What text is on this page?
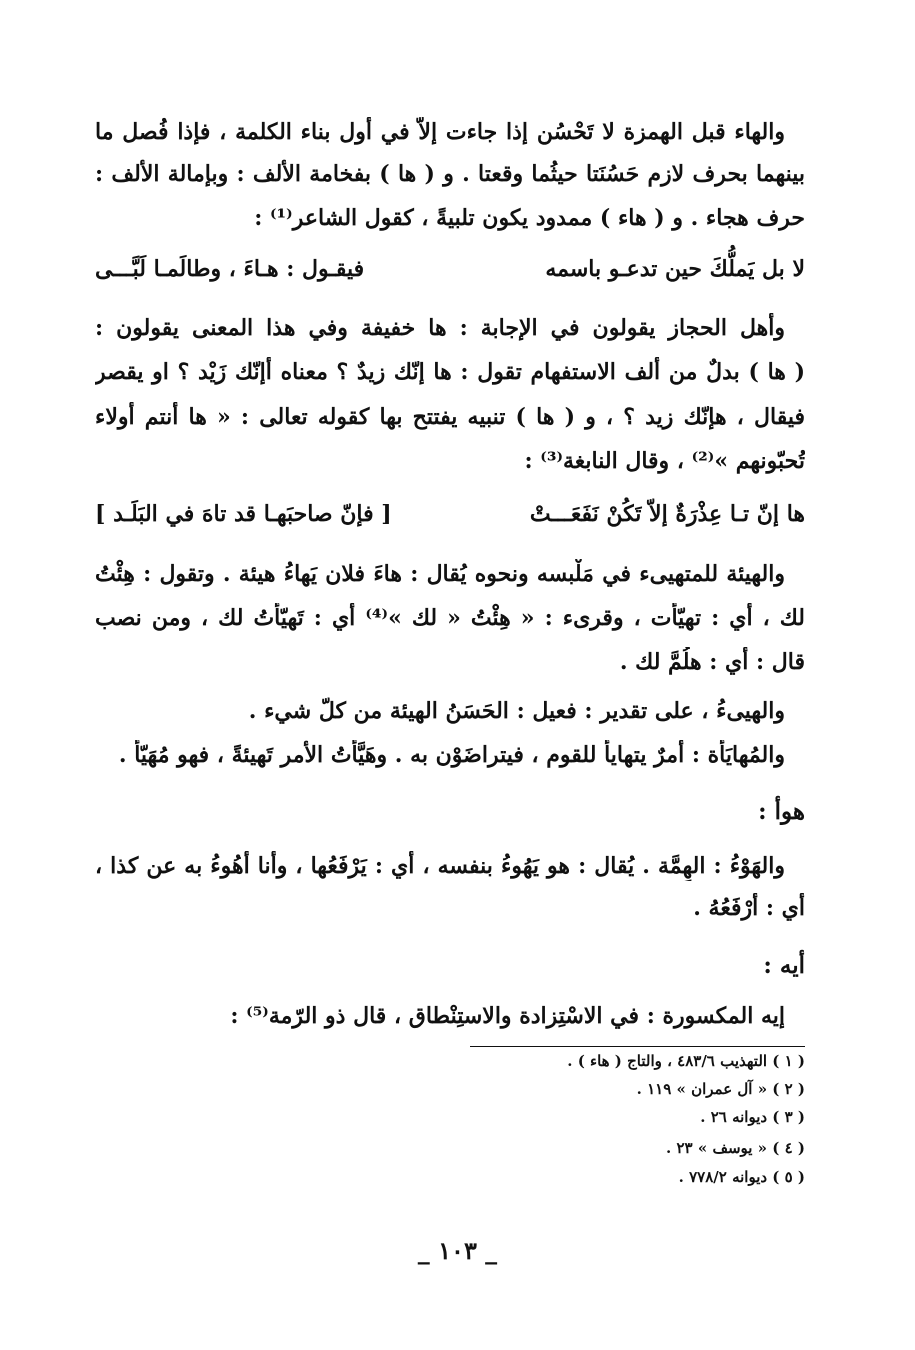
والهاء قبل الهمزة لا تَحْسُن إذا جاءت إلاّ في أول بناء الكلمة ، فإذا فُصل ما
بينهما بحرف لازم حَسُنَتا حيثُما وقعتا . و ( ها ) بفخامة الألف : وبإمالة الألف :
حرف هجاء . و ( هاء ) ممدود يكون تلبيةً ، كقول الشاعر⁽¹⁾ :
لا بل يَملُّكَ حين تدعـو باسمه
فيقـول : هـاءَ ، وطالَمـا لَبَّـــى
وأهل الحجاز يقولون في الإجابة : ها خفيفة وفي هذا المعنى يقولون :
( ها ) بدلٌ من ألف الاستفهام تقول : ها إنّك زيدٌ ؟ معناه أإنّك زَيْد ؟ او يقصر
فيقال ، هإنّك زيد ؟ ، و ( ها ) تنبيه يفتتح بها كقوله تعالى : « ها أنتم أولاء
تُحبّونهم »⁽²⁾ ، وقال النابغة⁽³⁾ :
ها إنّ تـا عِذْرَةٌ إلاّ تَكُنْ نَفَعَـــتْ
[ فإنّ صاحبَهـا قد تاهَ في البَلَـد ]
والهيئة للمتهيىء في مَلْبسه ونحوه يُقال : هاءَ فلان يَهاءُ هيئة . وتقول : هِئْتُ
لك ، أي : تهيّأت ، وقرىء : « هِئْتُ « لك »⁽⁴⁾ أي : تَهيّأْتُ لك ، ومن نصب
قال : أي : هلُمَّ لك .
والهيىءُ ، على تقدير : فعيل : الحَسَنُ الهيئة من كلّ شيء .
والمُهايَأَة : أمرٌ يتهايأ للقوم ، فيتراضَوْن به . وهَيَّأْتُ الأمر تَهيئةً ، فهو مُهَيّأً .
هوأ :
والهَوْءُ : الهِمَّة . يُقال : هو يَهُوءُ بنفسه ، أي : يَرْفَعُها ، وأنا أهُوءُ به عن كذا ،
أي : أرْفَعُهُ .
أيه :
إيه المكسورة : في الاسْتِزادة والاستِنْطاق ، قال ذو الرّمة⁽⁵⁾ :
( ١ ) التهذيب ٤٨٣/٦ ، والتاج ( هاء ) .
( ٢ ) « آل عمران » ١١٩ .
( ٣ ) ديوانه ٢٦ .
( ٤ ) « يوسف » ٢٣ .
( ٥ ) ديوانه ٧٧٨/٢ .
_ ١٠٣ _
